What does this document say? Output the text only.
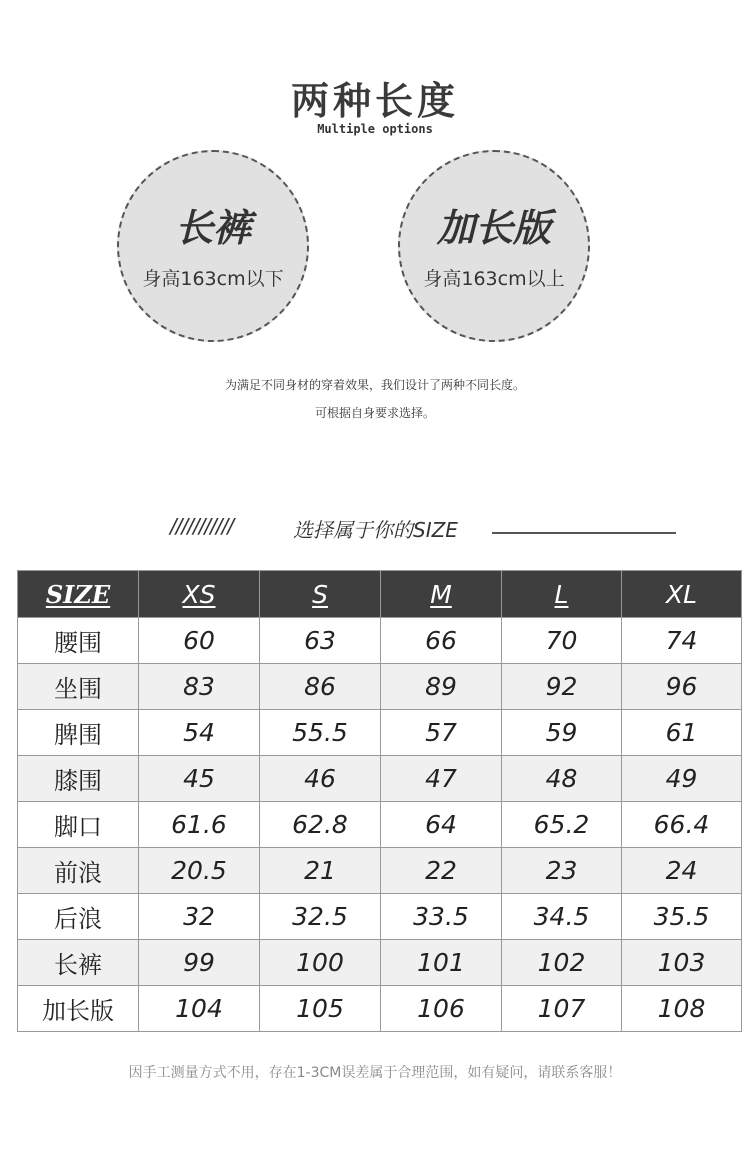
两种长度
Multiple options
长裤
身高163cm以下
加长版
身高163cm以上
为满足不同身材的穿着效果，我们设计了两种不同长度。
可根据自身要求选择。
///////////	选择属于你的SIZE
SIZE	XS	S	M	L	XL
腰围	60	63	66	70	74
坐围	83	86	89	92	96
脾围	54	55.5	57	59	61
膝围	45	46	47	48	49
脚口	61.6	62.8	64	65.2	66.4
前浪	20.5	21	22	23	24
后浪	32	32.5	33.5	34.5	35.5
长裤	99	100	101	102	103
加长版	104	105	106	107	108
因手工测量方式不用，存在1-3CM误差属于合理范围，如有疑问，请联系客服！
